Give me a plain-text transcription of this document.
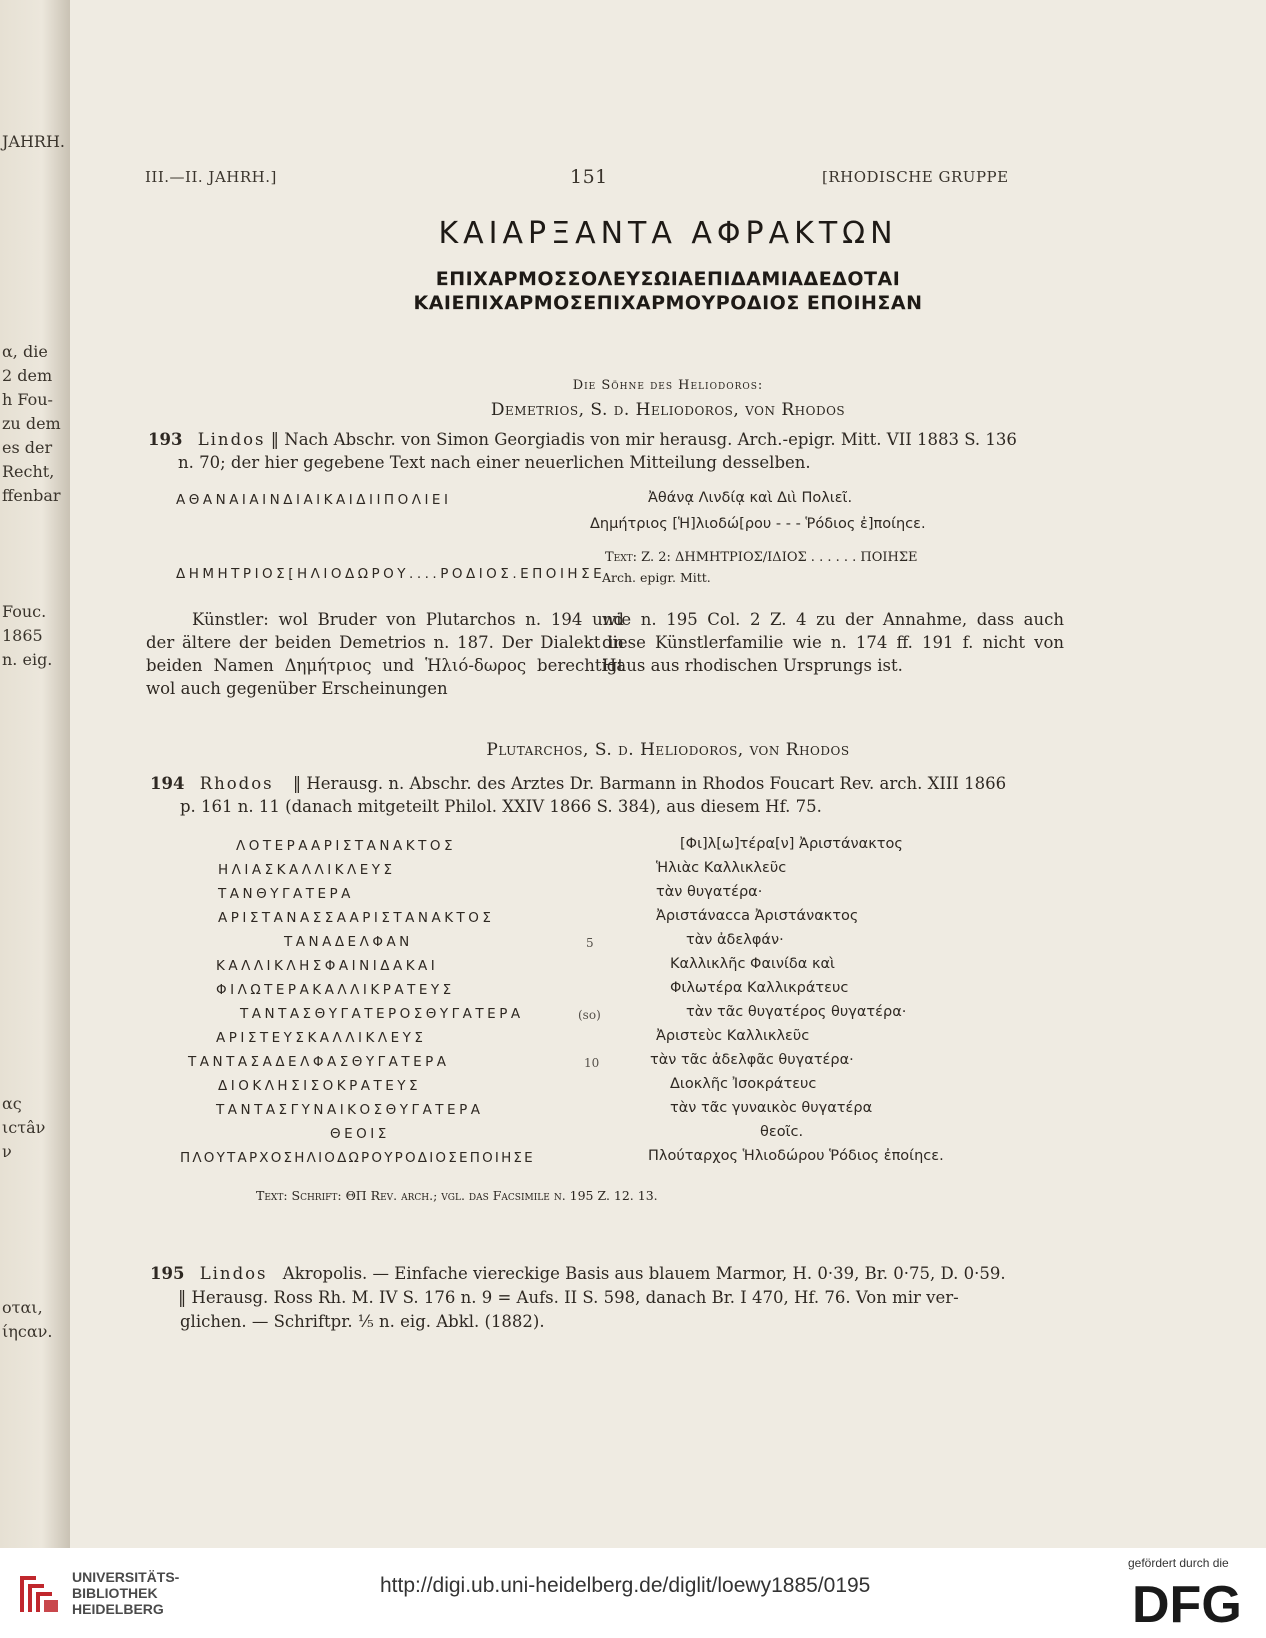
JAHRH.
α, die
2 dem
h Fou-
zu dem
es der
Recht,
ffenbar
Fouc.
1865
n. eig.
ας
ιcτâν
ν
οται,
ίηcαν.
III.—II. JAHRH.]	151	[RHODISCHE GRUPPE
ΚΑΙΑΡΞΑΝΤΑ ΑΦΡΑΚΤΩΝ
ΕΠΙΧΑΡΜΟΣΣΟΛΕΥΣΩΙΑΕΠΙΔΑΜΙΑΔΕΔΟΤΑΙ
ΚΑΙΕΠΙΧΑΡΜΟΣΕΠΙΧΑΡΜΟΥΡΟΔΙΟΣ ΕΠΟΙΗΣΑΝ
Die Söhne des Heliodoros:
Demetrios, S. d. Heliodoros, von Rhodos
193 Lindos ‖ Nach Abschr. von Simon Georgiadis von mir herausg. Arch.-epigr. Mitt. VII 1883 S. 136
n. 70; der hier gegebene Text nach einer neuerlichen Mitteilung desselben.
ΑΘΑΝΑΙΑΙΝΔΙΑΙΚΑΙΔΙΙΠΟΛΙΕΙ
ΔΗΜΗΤΡΙΟΣ[ΗΛΙΟΔΩΡΟΥ....ΡΟΔΙΟΣ.ΕΠΟΙΗΣΕ
Ἀθάνᾳ Λινδίᾳ καὶ Διὶ Πολιεῖ.
Δημήτριος [Ἡ]λιοδώ[ρου - - - Ῥόδιος ἐ]ποίηcε.
Text: Z. 2: ΔΗΜΗΤΡΙΟΣ/ΙΔΙΟΣ . . . . . . ΠΟΙΗΣΕ
Arch. epigr. Mitt.

Künstler: wol Bruder von Plutarchos n. 194 und der ältere der beiden Demetrios n. 187. Der Dialekt in beiden Namen Δημήτριος und Ἡλιό-δωρος berechtigt wol auch gegenüber Erscheinungen

wie n. 195 Col. 2 Z. 4 zu der Annahme, dass auch diese Künstlerfamilie wie n. 174 ff. 191 f. nicht von Haus aus rhodischen Ursprungs ist.

Plutarchos, S. d. Heliodoros, von Rhodos
194 Rhodos ‖ Herausg. n. Abschr. des Arztes Dr. Barmann in Rhodos Foucart Rev. arch. XIII 1866
p. 161 n. 11 (danach mitgeteilt Philol. XXIV 1866 S. 384), aus diesem Hf. 75.
ΛΟΤΕΡΑΑΡΙΣΤΑΝΑΚΤΟΣ
ΗΛΙΑΣΚΑΛΛΙΚΛΕΥΣ
ΤΑΝΘΥΓΑΤΕΡΑ
ΑΡΙΣΤΑΝΑΣΣΑΑΡΙΣΤΑΝΑΚΤΟΣ
ΤΑΝΑΔΕΛΦΑΝ
ΚΑΛΛΙΚΛΗΣΦΑΙΝΙΔΑΚΑΙ
ΦΙΛΩΤΕΡΑΚΑΛΛΙΚΡΑΤΕΥΣ
ΤΑΝΤΑΣΘΥΓΑΤΕΡΟΣΘΥΓΑΤΕΡΑ
ΑΡΙΣΤΕΥΣΚΑΛΛΙΚΛΕΥΣ
ΤΑΝΤΑΣΑΔΕΛΦΑΣΘΥΓΑΤΕΡΑ
ΔΙΟΚΛΗΣΙΣΟΚΡΑΤΕΥΣ
ΤΑΝΤΑΣΓΥΝΑΙΚΟΣΘΥΓΑΤΕΡΑ
ΘΕΟΙΣ
ΠΛΟΥΤΑΡΧΟΣΗΛΙΟΔΩΡΟΥΡΟΔΙΟΣΕΠΟΙΗΣΕ
5
(so)
10
[Φι]λ[ω]τέρα[ν] Ἀριστάνακτος
Ἡλιὰc Καλλικλεῦc
τὰν θυγατέρα·
Ἀριστάναcca Ἀριστάνακτος
τὰν ἀδελφάν·
Καλλικλῆc Φαινίδα καὶ
Φιλωτέρα Καλλικράτευc
τὰν τᾶc θυγατέρος θυγατέρα·
Ἀριστεὺc Καλλικλεῦc
τὰν τᾶc ἀδελφᾶc θυγατέρα·
Διοκλῆc Ἰσοκράτευc
τὰν τᾶc γυναικὸc θυγατέρα
θεοῖc.
Πλούταρχος Ἡλιοδώρου Ῥόδιος ἐποίηcε.
Text: Schrift: ΘΠ Rev. arch.; vgl. das Facsimile n. 195 Z. 12. 13.
195 Lindos Akropolis. — Einfache viereckige Basis aus blauem Marmor, H. 0·39, Br. 0·75, D. 0·59.
‖ Herausg. Ross Rh. M. IV S. 176 n. 9 = Aufs. II S. 598, danach Br. I 470, Hf. 76. Von mir ver-
glichen. — Schriftpr. ⅕ n. eig. Abkl. (1882).
UNIVERSITÄTS-
BIBLIOTHEK
HEIDELBERG
http://digi.ub.uni-heidelberg.de/diglit/loewy1885/0195
gefördert durch die
DFG
